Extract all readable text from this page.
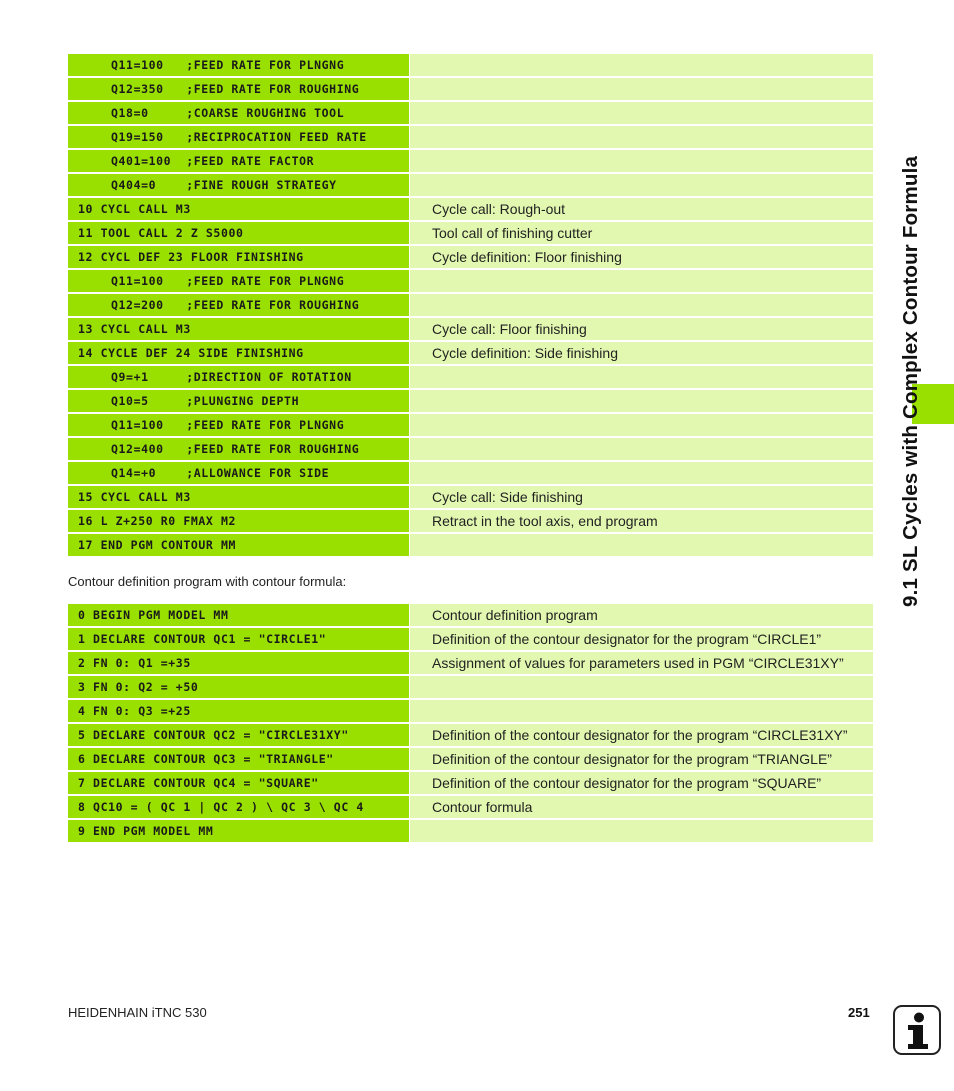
9.1 SL Cycles with Complex Contour Formula
Q11=100   ;FEED RATE FOR PLNGNG
Q12=350   ;FEED RATE FOR ROUGHING
Q18=0     ;COARSE ROUGHING TOOL
Q19=150   ;RECIPROCATION FEED RATE
Q401=100  ;FEED RATE FACTOR
Q404=0    ;FINE ROUGH STRATEGY
10 CYCL CALL M3	Cycle call: Rough-out
11 TOOL CALL 2 Z S5000	Tool call of finishing cutter
12 CYCL DEF 23 FLOOR FINISHING	Cycle definition: Floor finishing
Q11=100   ;FEED RATE FOR PLNGNG
Q12=200   ;FEED RATE FOR ROUGHING
13 CYCL CALL M3	Cycle call: Floor finishing
14 CYCLE DEF 24 SIDE FINISHING	Cycle definition: Side finishing
Q9=+1     ;DIRECTION OF ROTATION
Q10=5     ;PLUNGING DEPTH
Q11=100   ;FEED RATE FOR PLNGNG
Q12=400   ;FEED RATE FOR ROUGHING
Q14=+0    ;ALLOWANCE FOR SIDE
15 CYCL CALL M3	Cycle call: Side finishing
16 L Z+250 R0 FMAX M2	Retract in the tool axis, end program
17 END PGM CONTOUR MM
Contour definition program with contour formula:
0 BEGIN PGM MODEL MM	Contour definition program
1 DECLARE CONTOUR QC1 = "CIRCLE1"	Definition of the contour designator for the program “CIRCLE1”
2 FN 0: Q1 =+35	Assignment of values for parameters used in PGM “CIRCLE31XY”
3 FN 0: Q2 = +50
4 FN 0: Q3 =+25
5 DECLARE CONTOUR QC2 = "CIRCLE31XY"	Definition of the contour designator for the program “CIRCLE31XY”
6 DECLARE CONTOUR QC3 = "TRIANGLE"	Definition of the contour designator for the program “TRIANGLE”
7 DECLARE CONTOUR QC4 = "SQUARE"	Definition of the contour designator for the program “SQUARE”
8 QC10 = ( QC 1 | QC 2 ) \ QC 3 \ QC 4	Contour formula
9 END PGM MODEL MM
HEIDENHAIN iTNC 530	251
